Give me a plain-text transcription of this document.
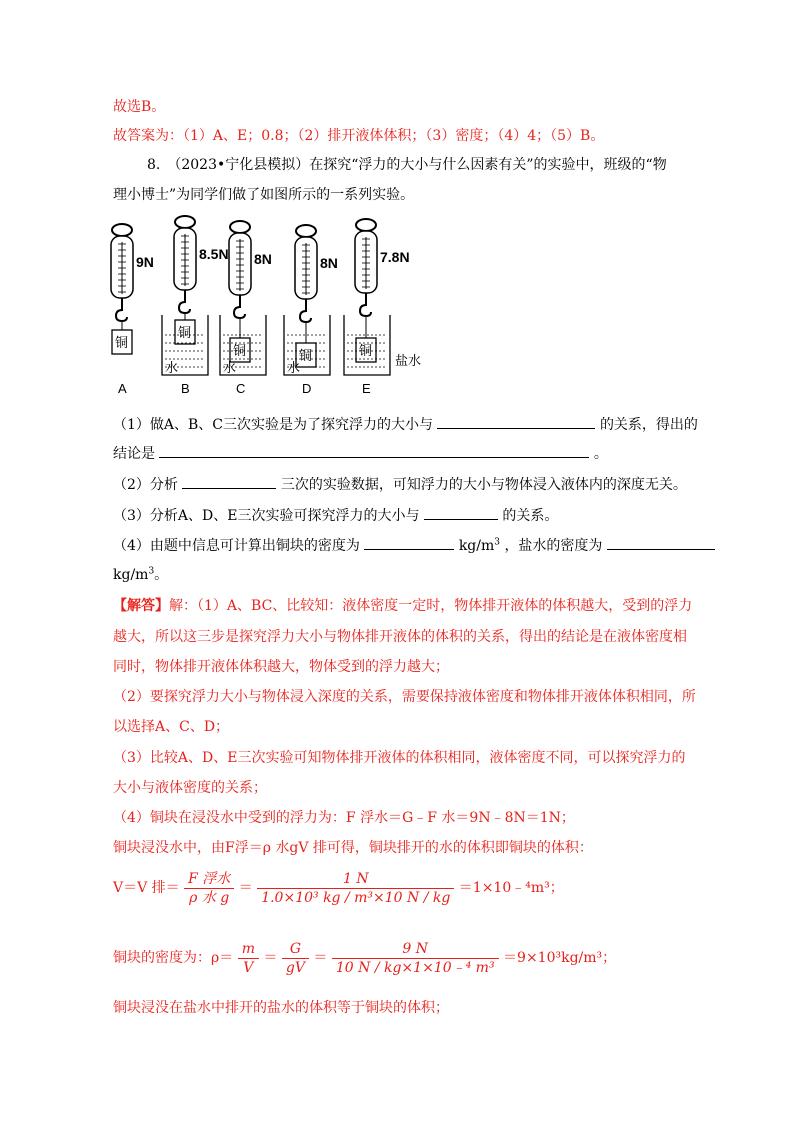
故选B。
故答案为：（1）A、E；0.8；（2）排开液体体积；（3）密度；（4）4；（5）B。
8.　（2023•宁化县模拟）在探究“浮力的大小与什么因素有关”的实验中，班级的“物
理小博士”为同学们做了如图所示的一系列实验。
9N
铜
A
8.5N
铜
B
8N
铜
C
8N
铜
D
7.8N
铜
E
水	水	水	盐水
（1）做A、B、C三次实验是为了探究浮力的大小与	的关系，得出的
结论是	。
（2）分析	三次的实验数据，可知浮力的大小与物体浸入液体内的深度无关。
（3）分析A、D、E三次实验可探究浮力的大小与	的关系。
（4）由题中信息可计算出铜块的密度为	$kg/m^3$ ，盐水的密度为
$kg/m^3$。
【解答】解：（1）A、BC、比较知：液体密度一定时，物体排开液体的体积越大，受到的浮力
越大，所以这三步是探究浮力大小与物体排开液体的体积的关系，得出的结论是在液体密度相
同时，物体排开液体体积越大，物体受到的浮力越大；
（2）要探究浮力大小与物体浸入深度的关系，需要保持液体密度和物体排开液体体积相同，所
以选择A、C、D；
（3）比较A、D、E三次实验可知物体排开液体的体积相同，液体密度不同，可以探究浮力的
大小与液体密度的关系；
（4）铜块在浸没水中受到的浮力为：F 浮水＝G﹣F 水＝9N﹣8N＝1N；
铜块浸没水中，由F浮＝ρ 水gV 排可得，铜块排开的水的体积即铜块的体积：
V＝V 排＝ $\frac{\text{F 浮水}}{\text{ρ 水 g}} = \frac{1 N}{\text{1.0×10³ kg / m³×10 N / kg}}$ ＝1×10﹣⁴m³；
铜块的密度为：$\rho= \frac{m}{V} = \frac{G}{gV} = \frac{9 N}{\text{10 N / kg×1×10﹣⁴ m³}} =9\times 10^3kg/m^3$；
铜块浸没在盐水中排开的盐水的体积等于铜块的体积；
